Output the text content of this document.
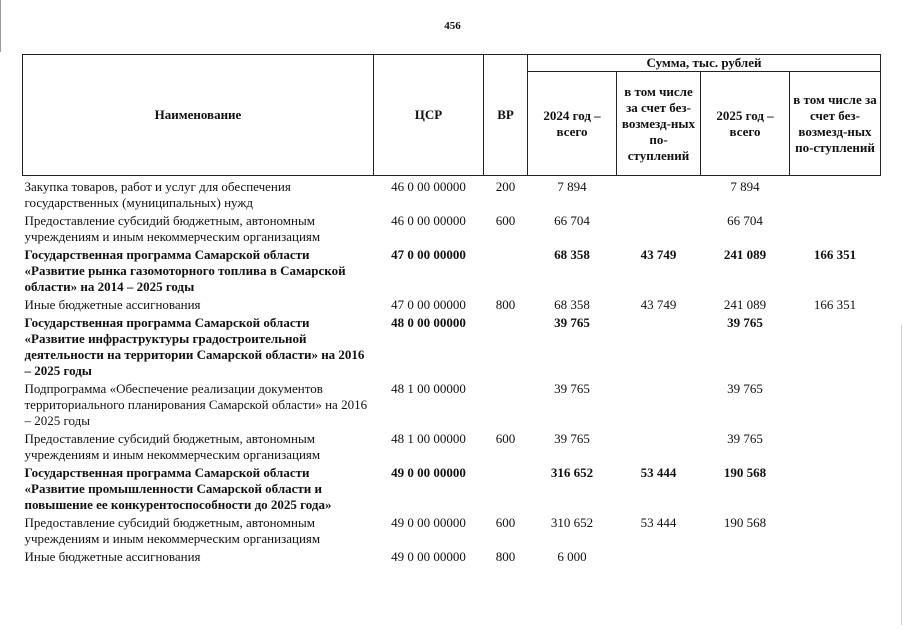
456
Наименование	ЦСР	ВР	Сумма, тыс. рублей			
			2024 год – всего	в том числе за счет без-возмезд-ных по-ступлений	2025 год – всего	в том числе за счет без-возмезд-ных по-ступлений
Закупка товаров, работ и услуг для обеспечения государственных (муниципальных) нужд	46 0 00 00000	200	7 894		7 894	
Предоставление субсидий бюджетным, автономным учреждениям и иным некоммерческим организациям	46 0 00 00000	600	66 704		66 704	
Государственная программа Самарской области «Развитие рынка газомоторного топлива в Самарской области» на 2014 – 2025 годы	47 0 00 00000		68 358	43 749	241 089	166 351
Иные бюджетные ассигнования	47 0 00 00000	800	68 358	43 749	241 089	166 351
Государственная программа Самарской области «Развитие инфраструктуры градостроительной деятельности на территории Самарской области» на 2016 – 2025 годы	48 0 00 00000		39 765		39 765	
Подпрограмма «Обеспечение реализации документов территориального планирования Самарской области» на 2016 – 2025 годы	48 1 00 00000		39 765		39 765	
Предоставление субсидий бюджетным, автономным учреждениям и иным некоммерческим организациям	48 1 00 00000	600	39 765		39 765	
Государственная программа Самарской области «Развитие промышленности Самарской области и повышение ее конкурентоспособности до 2025 года»	49 0 00 00000		316 652	53 444	190 568	
Предоставление субсидий бюджетным, автономным учреждениям и иным некоммерческим организациям	49 0 00 00000	600	310 652	53 444	190 568	
Иные бюджетные ассигнования	49 0 00 00000	800	6 000			
